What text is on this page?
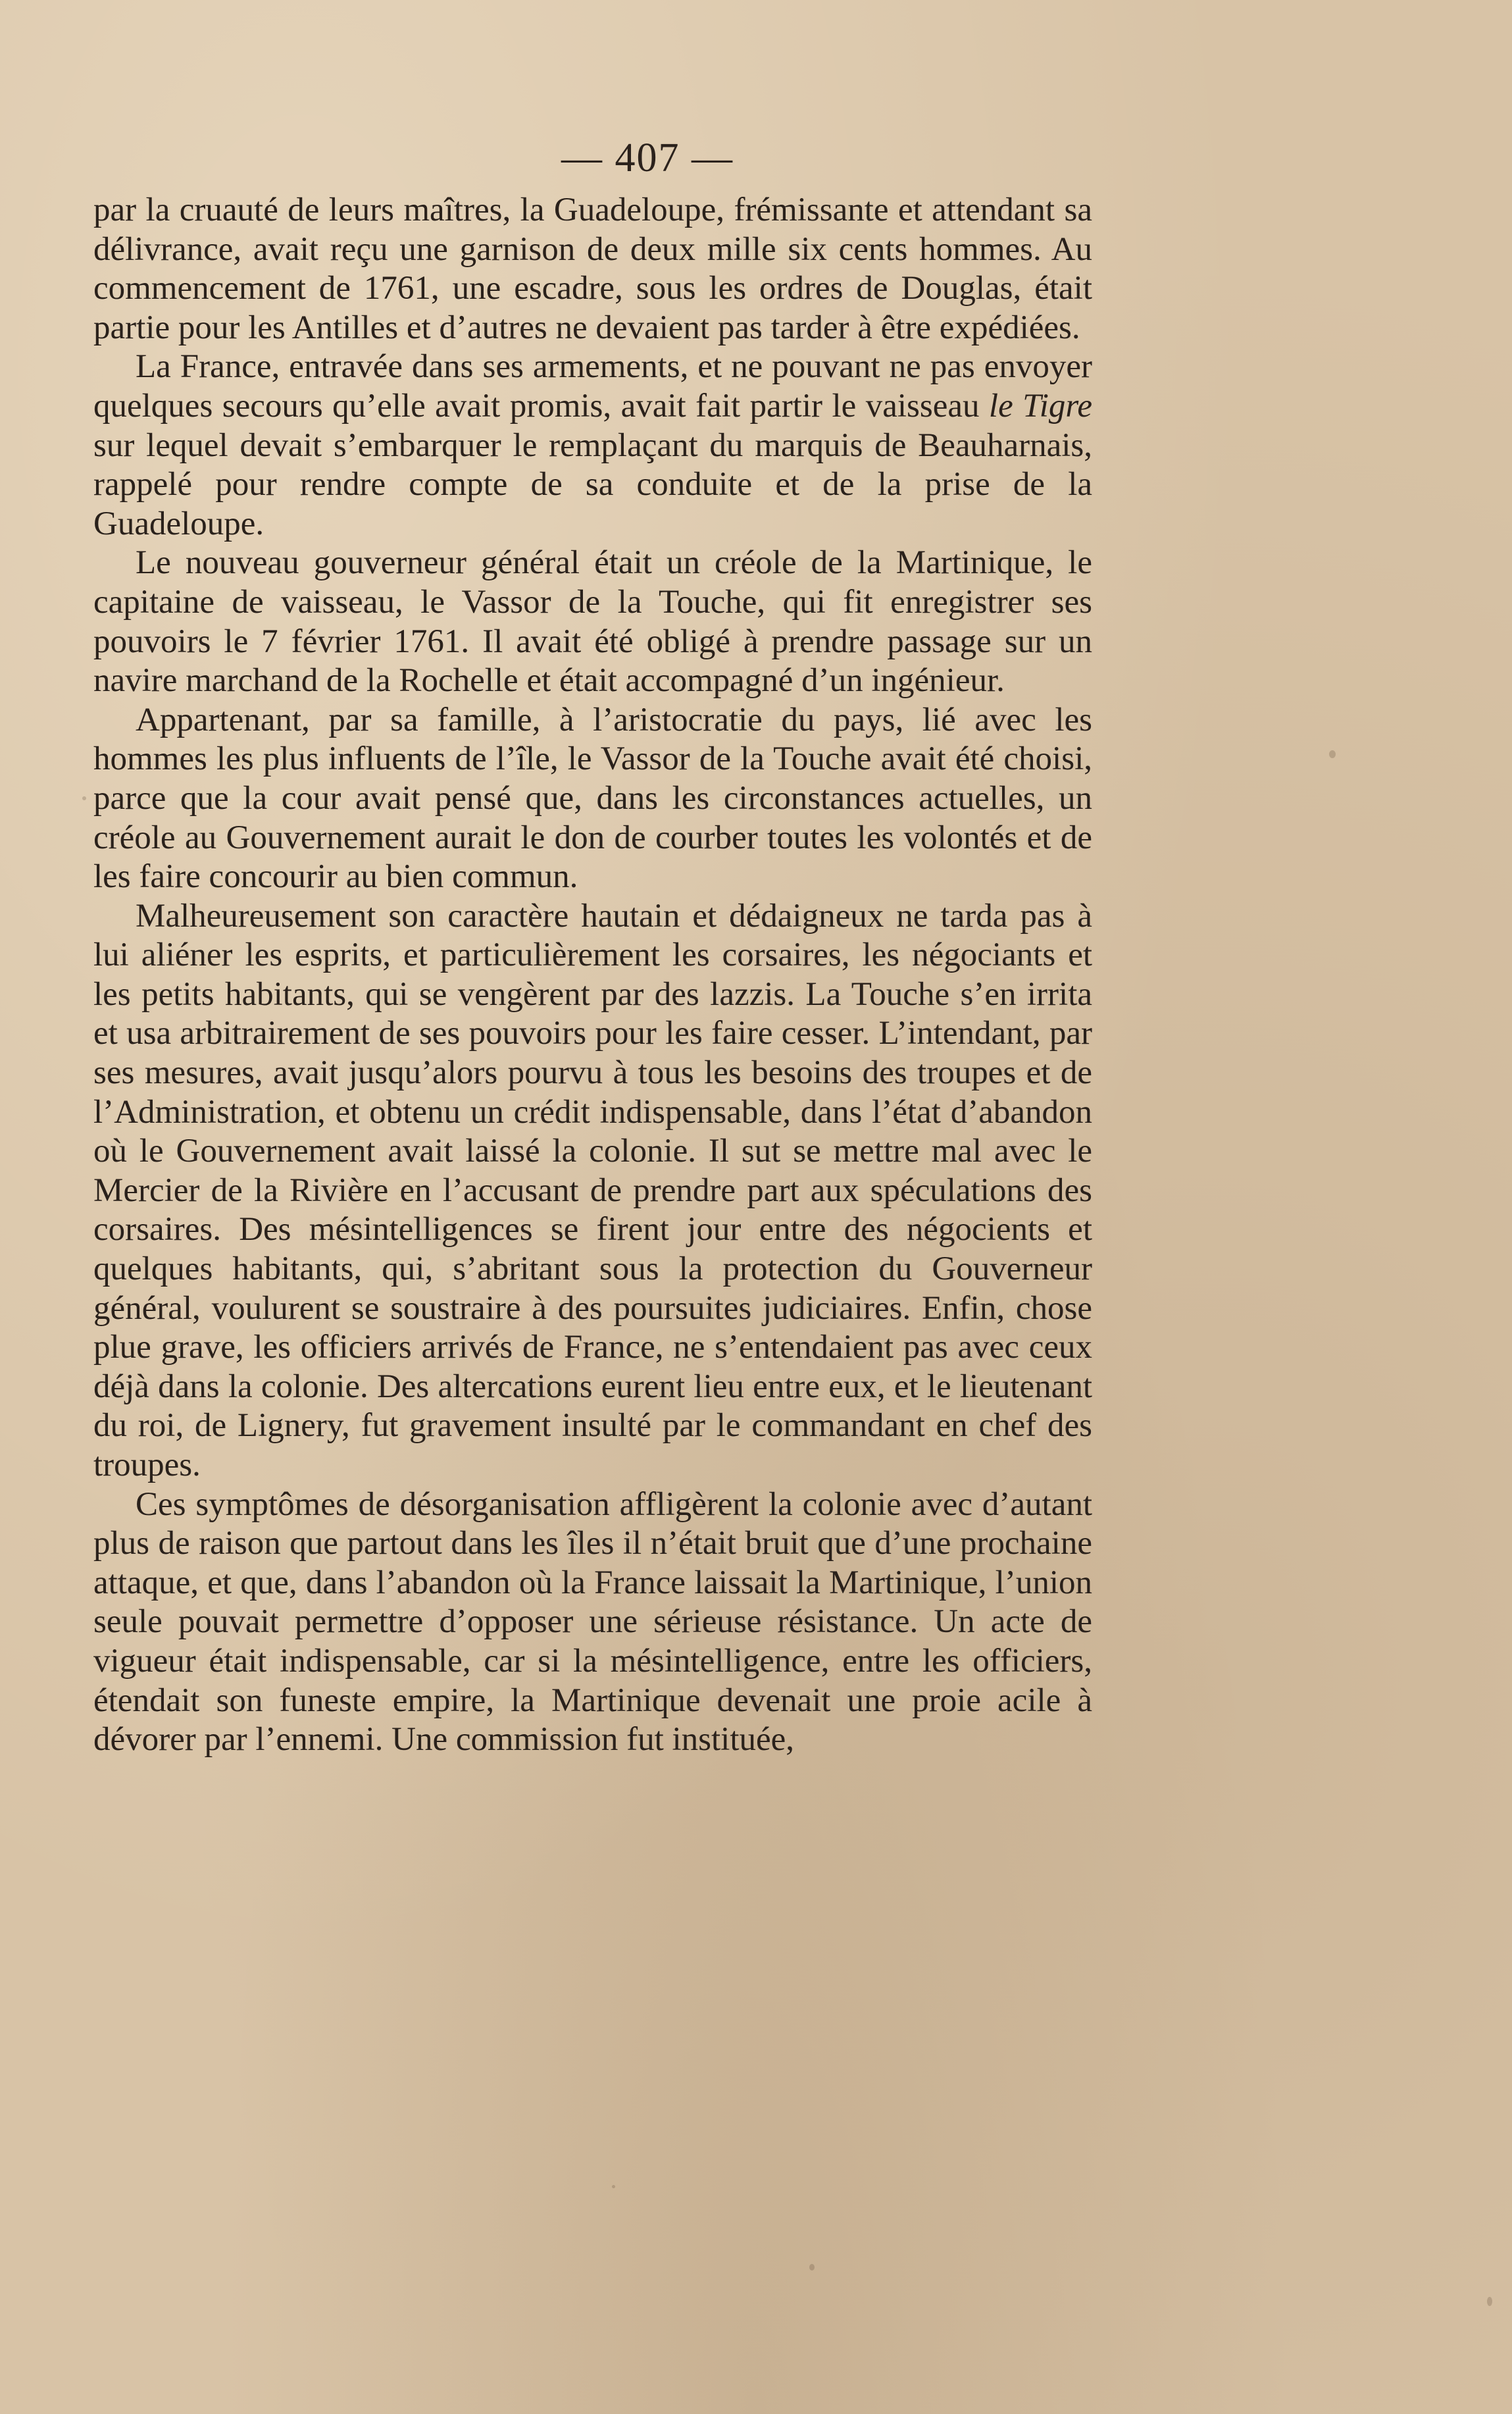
— 407 —

par la cruauté de leurs maîtres, la Guadeloupe, frémissante et attendant sa délivrance, avait reçu une garnison de deux mille six cents hommes. Au commencement de 1761, une escadre, sous les ordres de Douglas, était partie pour les Antilles et d’autres ne devaient pas tarder à être expédiées.

La France, entravée dans ses armements, et ne pouvant ne pas envoyer quelques secours qu’elle avait promis, avait fait partir le vaisseau le Tigre sur lequel devait s’embarquer le remplaçant du marquis de Beauharnais, rappelé pour rendre compte de sa conduite et de la prise de la Guadeloupe.

Le nouveau gouverneur général était un créole de la Martinique, le capitaine de vaisseau, le Vassor de la Touche, qui fit enregistrer ses pouvoirs le 7 février 1761. Il avait été obligé à prendre passage sur un navire marchand de la Rochelle et était accompagné d’un ingénieur.

Appartenant, par sa famille, à l’aristocratie du pays, lié avec les hommes les plus influents de l’île, le Vassor de la Touche avait été choisi, parce que la cour avait pensé que, dans les circonstances actuelles, un créole au Gouvernement aurait le don de courber toutes les volontés et de les faire concourir au bien commun.

Malheureusement son caractère hautain et dédaigneux ne tarda pas à lui aliéner les esprits, et particulièrement les corsaires, les négociants et les petits habitants, qui se vengèrent par des lazzis. La Touche s’en irrita et usa arbitrairement de ses pouvoirs pour les faire cesser. L’intendant, par ses mesures, avait jusqu’alors pourvu à tous les besoins des troupes et de l’Administration, et obtenu un crédit indispensable, dans l’état d’abandon où le Gouvernement avait laissé la colonie. Il sut se mettre mal avec le Mercier de la Rivière en l’accusant de prendre part aux spéculations des corsaires. Des mésintelligences se firent jour entre des négocients et quelques habitants, qui, s’abritant sous la protection du Gouverneur général, voulurent se soustraire à des poursuites judiciaires. Enfin, chose plue grave, les officiers arrivés de France, ne s’entendaient pas avec ceux déjà dans la colonie. Des altercations eurent lieu entre eux, et le lieutenant du roi, de Lignery, fut gravement insulté par le commandant en chef des troupes.

Ces symptômes de désorganisation affligèrent la colonie avec d’autant plus de raison que partout dans les îles il n’était bruit que d’une prochaine attaque, et que, dans l’abandon où la France laissait la Martinique, l’union seule pouvait permettre d’opposer une sérieuse résistance. Un acte de vigueur était indispensable, car si la mésintelligence, entre les officiers, étendait son funeste empire, la Martinique devenait une proie acile à dévorer par l’ennemi. Une commission fut instituée,
